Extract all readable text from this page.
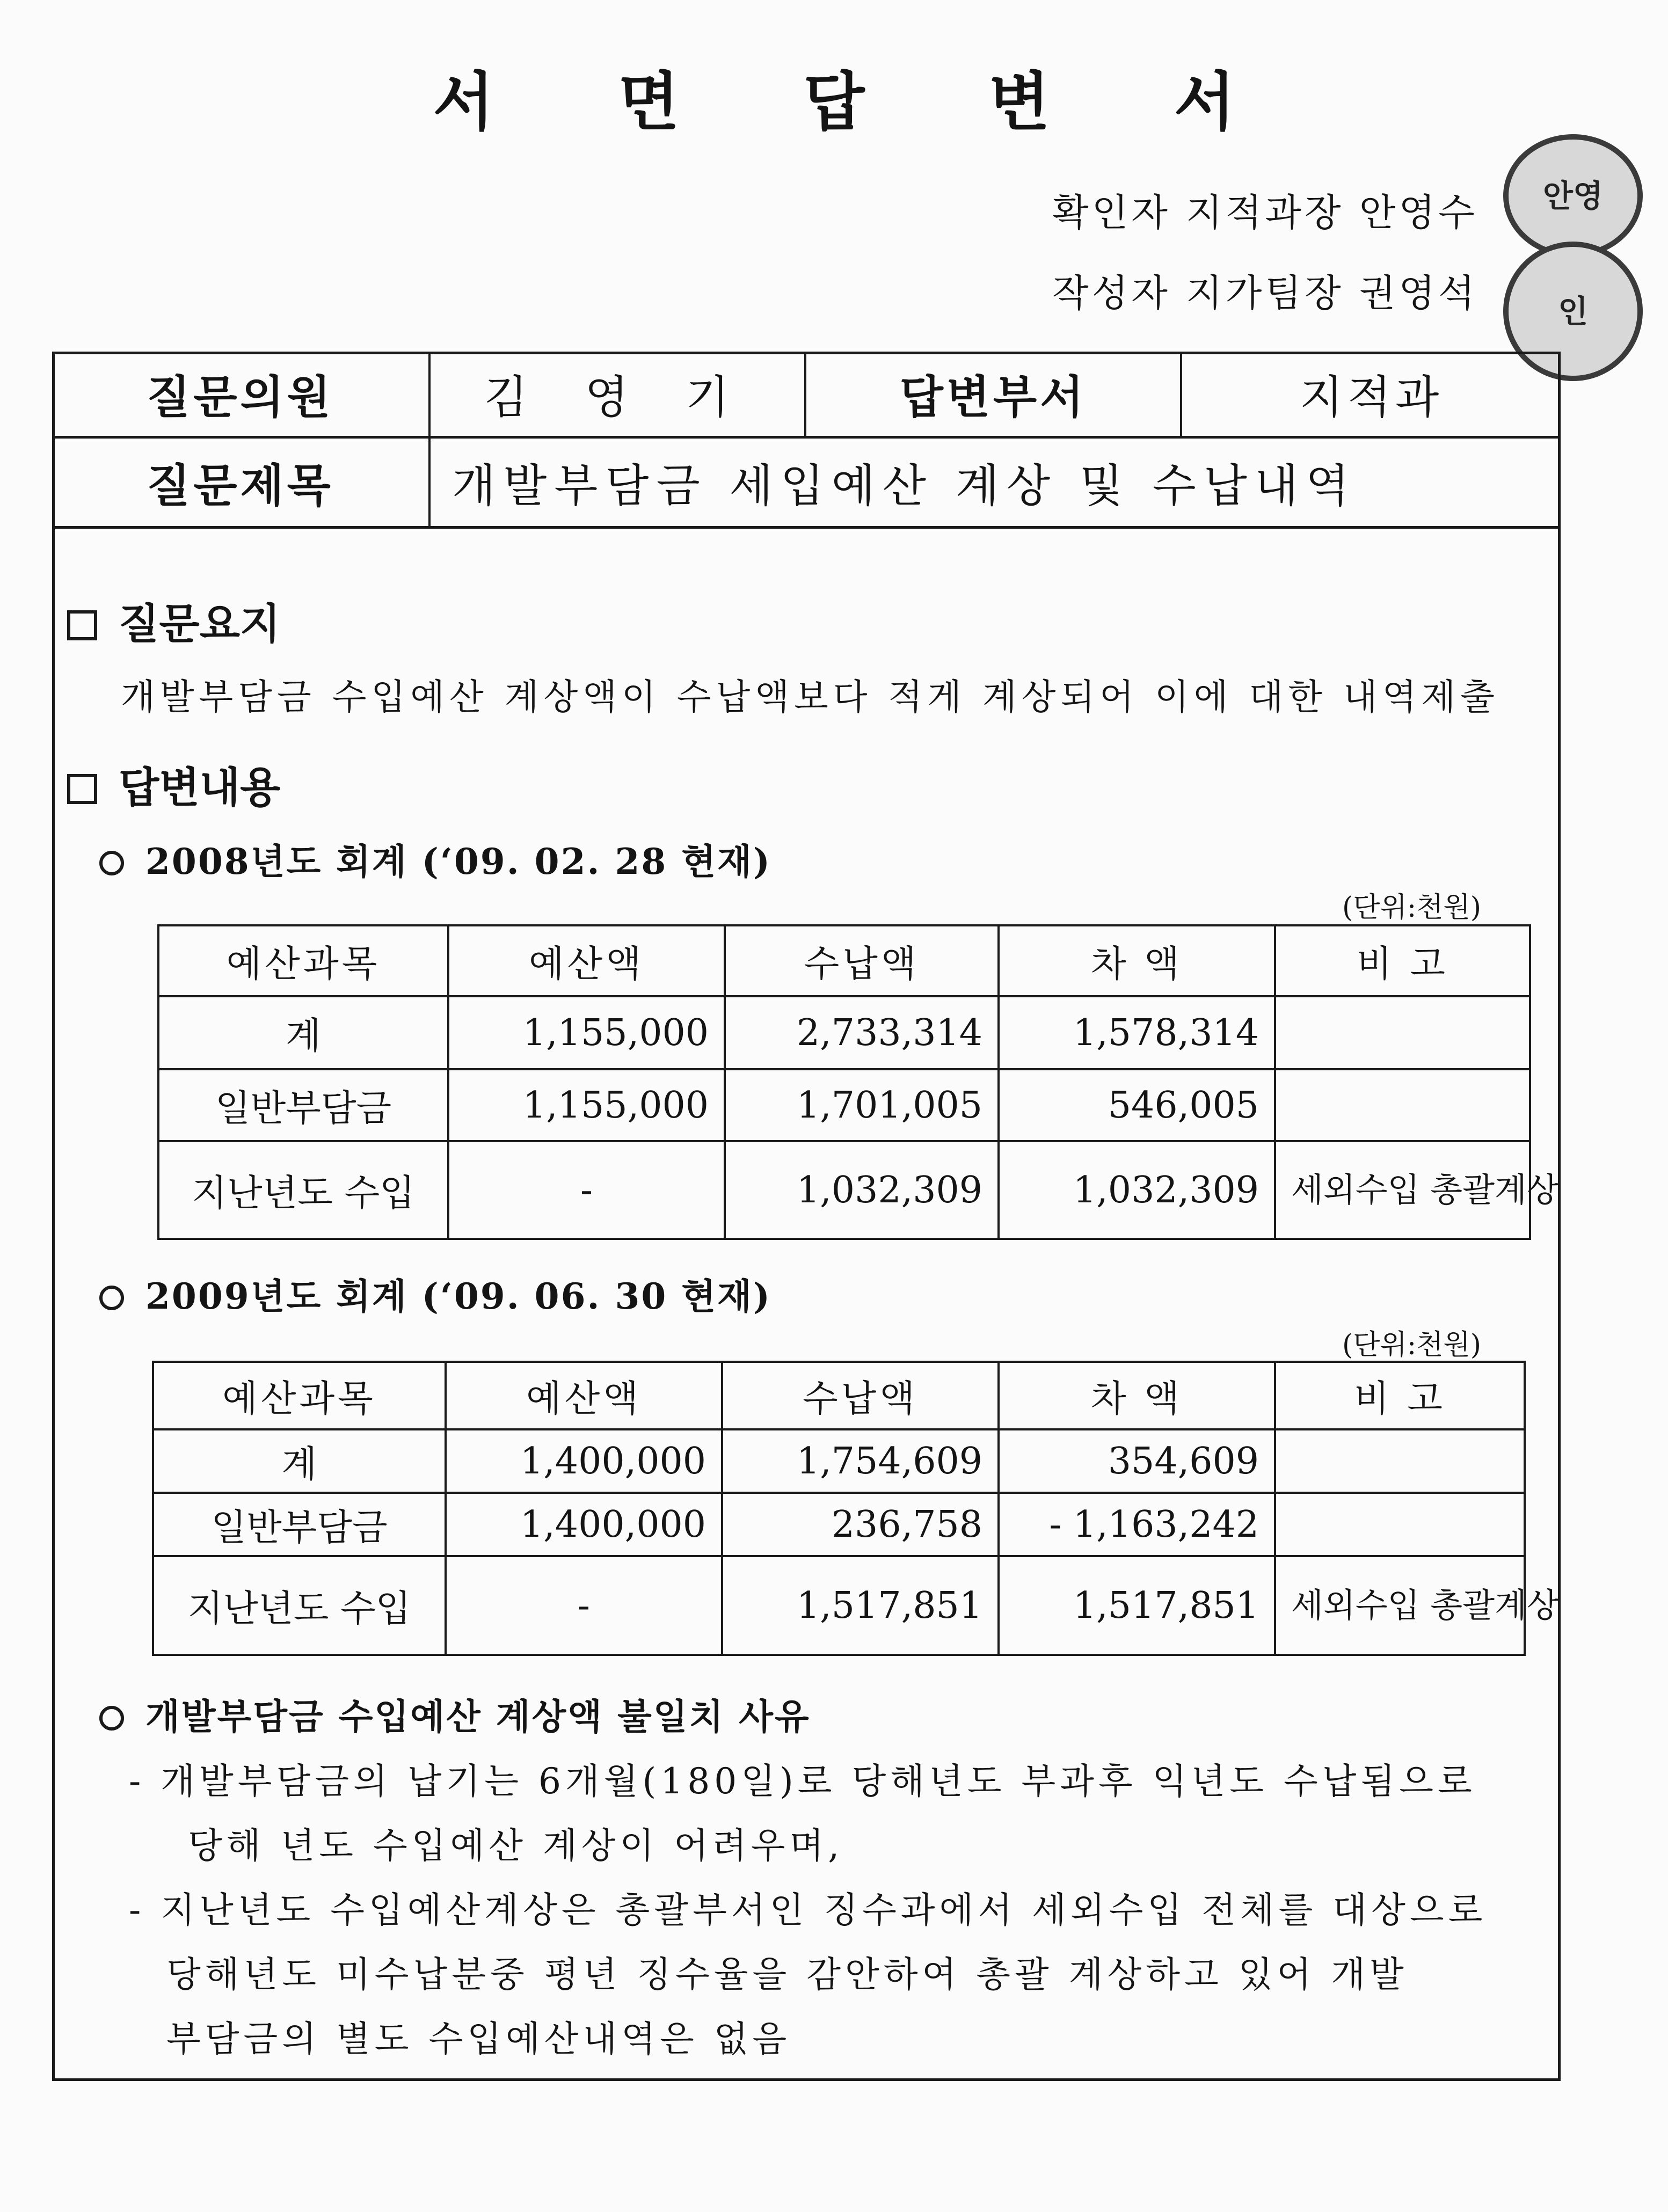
서 면 답 변 서
확인자 지적과장 안영수
작성자 지가팀장 권영석
안영
인
질문의원	김 영 기	답변부서	지적과
질문제목	개발부담금 세입예산 계상 및 수납내역
질문요지
개발부담금 수입예산 계상액이 수납액보다 적게 계상되어 이에 대한 내역제출
답변내용
2008년도 회계 (‘09. 02. 28 현재)
(단위:천원)
예산과목	예산액	수납액	차 액	비 고
계	1,155,000	2,733,314	1,578,314	
일반부담금	1,155,000	1,701,005	546,005	
지난년도 수입	-	1,032,309	1,032,309	세외수입 총괄계상
2009년도 회계 (‘09. 06. 30 현재)
(단위:천원)
예산과목	예산액	수납액	차 액	비 고
계	1,400,000	1,754,609	354,609	
일반부담금	1,400,000	236,758	- 1,163,242	
지난년도 수입	-	1,517,851	1,517,851	세외수입 총괄계상
개발부담금 수입예산 계상액 불일치 사유
- 개발부담금의 납기는 6개월(180일)로 당해년도 부과후 익년도 수납됨으로
당해 년도 수입예산 계상이 어려우며,
- 지난년도 수입예산계상은 총괄부서인 징수과에서 세외수입 전체를 대상으로
당해년도 미수납분중 평년 징수율을 감안하여 총괄 계상하고 있어 개발
부담금의 별도 수입예산내역은 없음
